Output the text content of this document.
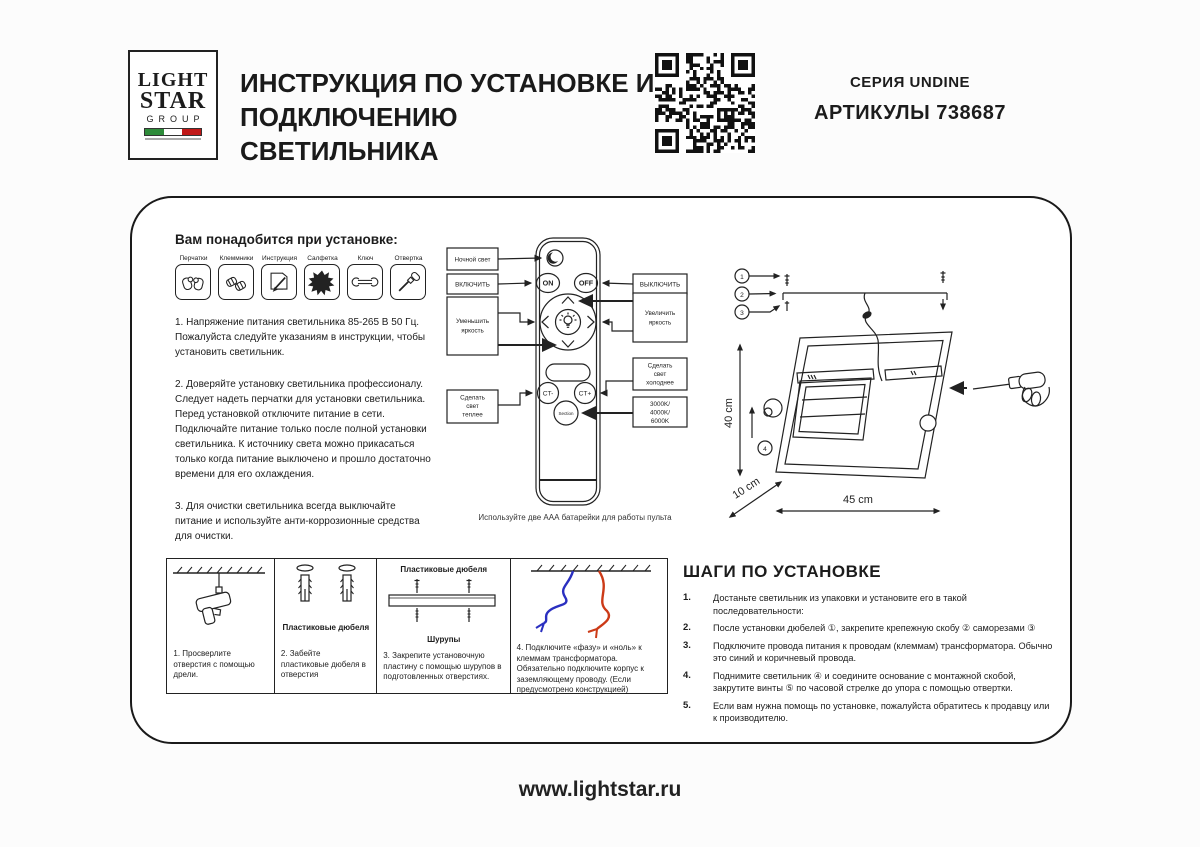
LIGHT
STAR
GROUP
ИНСТРУКЦИЯ ПО УСТАНОВКЕ И
ПОДКЛЮЧЕНИЮ СВЕТИЛЬНИКА
СЕРИЯ UNDINE
АРТИКУЛЫ 738687
Вам понадобится при установке:
Перчатки	Клеммники Инструкция	Салфетка	Ключ	Отвертка

1. Напряжение питания светильника 85-265 В 50 Гц. Пожалуйста следуйте указаниям в инструкции, чтобы установить светильник.

2. Доверяйте установку светильника профессионалу. Следует надеть перчатки для установки светильника. Перед установкой отключите питание в сети. Подключайте питание только после полной установки светильника. К источнику света можно прикасаться только когда питание выключено и прошло достаточно времени для его охлаждения.

3. Для очистки светильника всегда выключайте питание и используйте анти-коррозионные средства для очистки.

ON	OFF
CT-	CT+
Section
Ночной свет
ВКЛЮЧИТЬ
Уменьшить
яркость
Сделать
свет
теплее
ВЫКЛЮЧИТЬ
Увеличить
яркость
Сделать
свет
холоднее
3000K/
4000K/
6000K
Используйте две ААА батарейки для работы пульта
1
2
3
40 cm
4
10 cm	45 cm
1. Просверлите отверстия с помощью дрели.
Пластиковые дюбеля
2. Забейте пластиковые дюбеля в отверстия
Пластиковые дюбеля
Шурупы
3. Закрепите установочную пластину с помощью шурупов в подготовленных отверстиях.
4. Подключите «фазу» и «ноль» к клеммам трансформатора. Обязательно подключите корпус к заземляющему проводу. (Если предусмотрено конструкцией)
ШАГИ ПО УСТАНОВКЕ
1.	Достаньте светильник из упаковки и установите его в такой последовательности:
2.	После установки дюбелей ①, закрепите крепежную скобу ② саморезами ③
3.	Подключите провода питания к проводам (клеммам) трансформатора. Обычно это синий и коричневый провода.
4.	Поднимите светильник ④ и соедините основание с монтажной скобой, закрутите винты ⑤ по часовой стрелке до упора с помощью отвертки.
5.	Если вам нужна помощь по установке, пожалуйста обратитесь к продавцу или к производителю.
www.lightstar.ru
